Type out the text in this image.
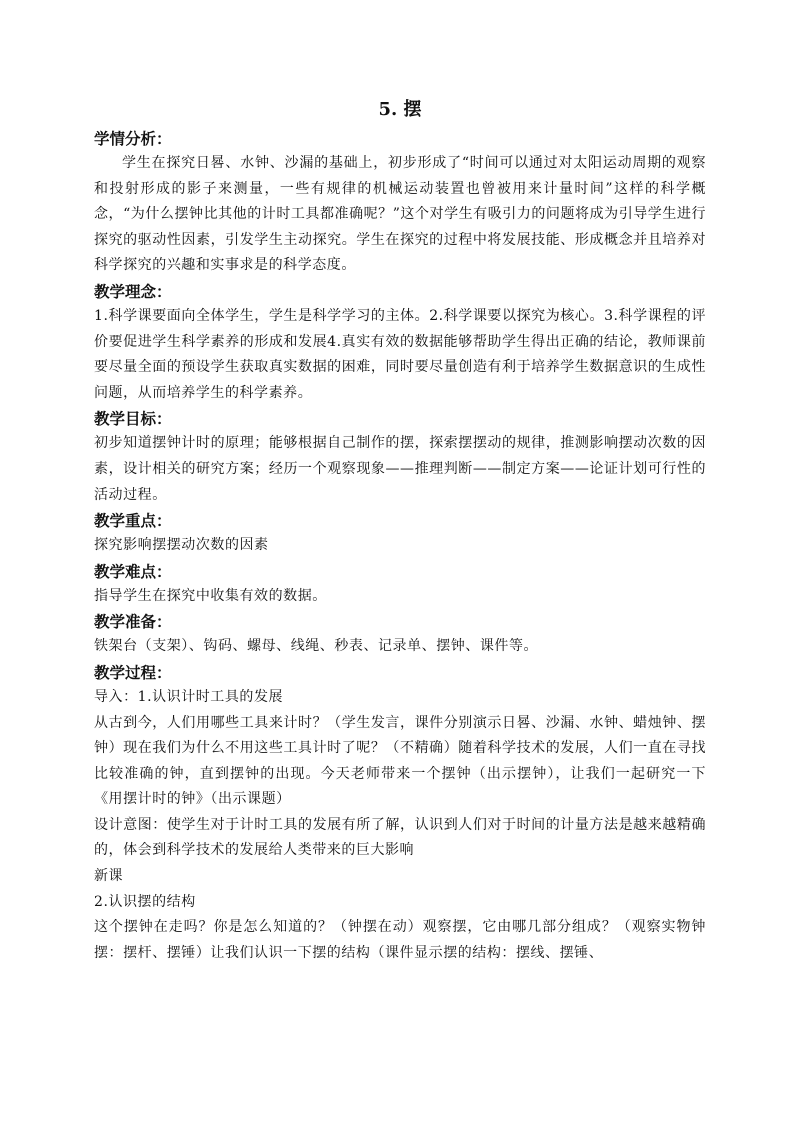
5. 摆

学情分析：

学生在探究日晷、水钟、沙漏的基础上，初步形成了“时间可以通过对太阳运动周期的观察和投射形成的影子来测量，一些有规律的机械运动装置也曾被用来计量时间”这样的科学概念，“为什么摆钟比其他的计时工具都准确呢？”这个对学生有吸引力的问题将成为引导学生进行探究的驱动性因素，引发学生主动探究。学生在探究的过程中将发展技能、形成概念并且培养对科学探究的兴趣和实事求是的科学态度。

教学理念：

1.科学课要面向全体学生，学生是科学学习的主体。2.科学课要以探究为核心。3.科学课程的评价要促进学生科学素养的形成和发展4.真实有效的数据能够帮助学生得出正确的结论，教师课前要尽量全面的预设学生获取真实数据的困难，同时要尽量创造有利于培养学生数据意识的生成性问题，从而培养学生的科学素养。

教学目标：

初步知道摆钟计时的原理；能够根据自己制作的摆，探索摆摆动的规律，推测影响摆动次数的因素，设计相关的研究方案；经历一个观察现象——推理判断——制定方案——论证计划可行性的活动过程。

教学重点：

探究影响摆摆动次数的因素

教学难点：

指导学生在探究中收集有效的数据。

教学准备：

铁架台（支架）、钩码、螺母、线绳、秒表、记录单、摆钟、课件等。

教学过程：

导入：1.认识计时工具的发展

从古到今，人们用哪些工具来计时？（学生发言，课件分别演示日晷、沙漏、水钟、蜡烛钟、摆钟）现在我们为什么不用这些工具计时了呢？（不精确）随着科学技术的发展，人们一直在寻找比较准确的钟，直到摆钟的出现。今天老师带来一个摆钟（出示摆钟），让我们一起研究一下《用摆计时的钟》（出示课题）

设计意图：使学生对于计时工具的发展有所了解，认识到人们对于时间的计量方法是越来越精确的，体会到科学技术的发展给人类带来的巨大影响

新课

2.认识摆的结构

这个摆钟在走吗？你是怎么知道的？（钟摆在动）观察摆，它由哪几部分组成？（观察实物钟摆：摆杆、摆锤）让我们认识一下摆的结构（课件显示摆的结构：摆线、摆锤、
